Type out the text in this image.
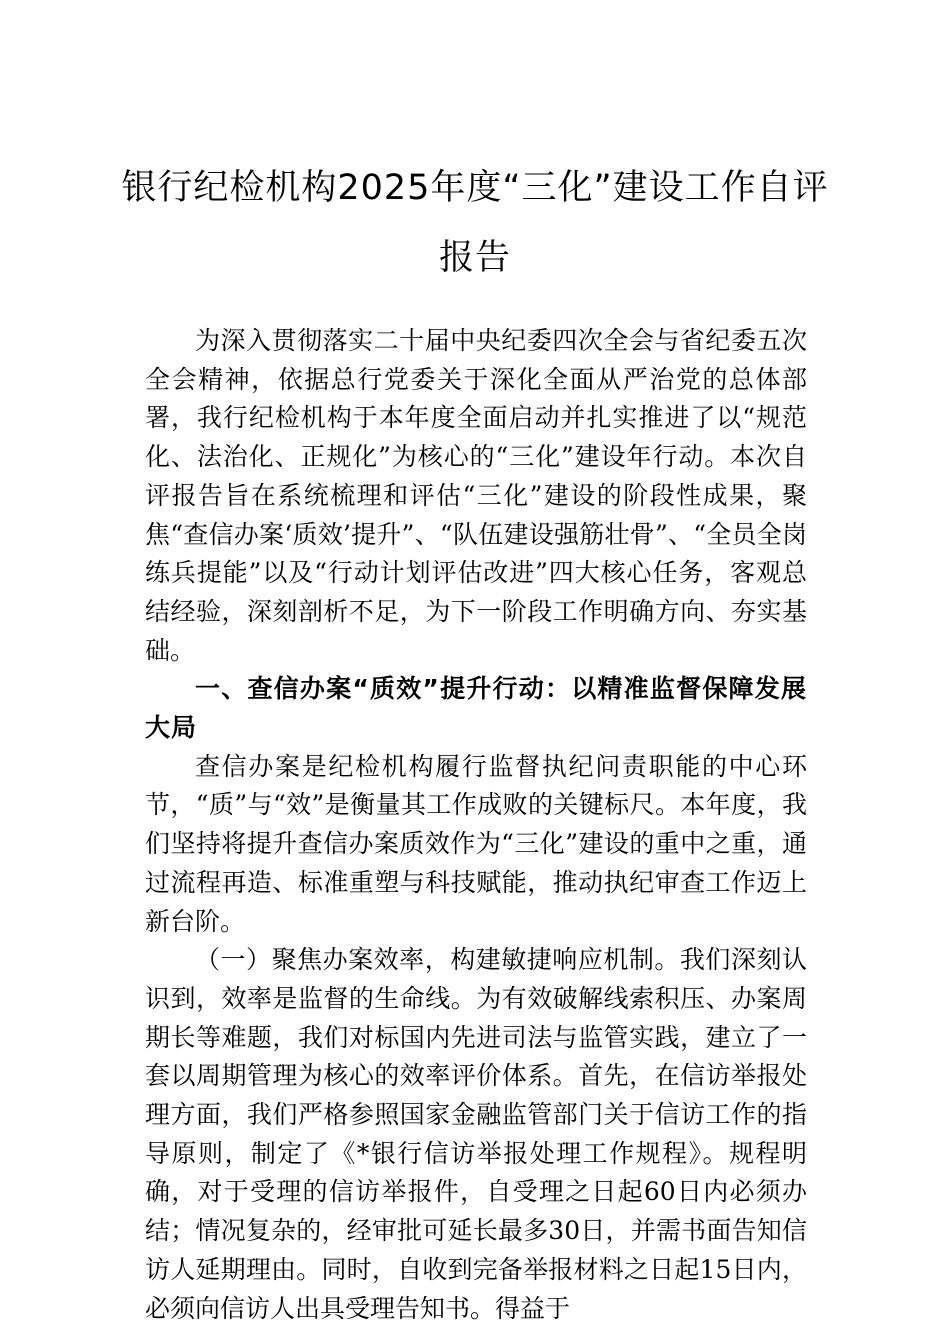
银行纪检机构2025年度“三化”建设工作自评报告

为深入贯彻落实二十届中央纪委四次全会与省纪委五次全会精神，依据总行党委关于深化全面从严治党的总体部署，我行纪检机构于本年度全面启动并扎实推进了以“规范化、法治化、正规化”为核心的“三化”建设年行动。本次自评报告旨在系统梳理和评估“三化”建设的阶段性成果，聚焦“查信办案‘质效’提升”、“队伍建设强筋壮骨”、“全员全岗练兵提能”以及“行动计划评估改进”四大核心任务，客观总结经验，深刻剖析不足，为下一阶段工作明确方向、夯实基础。

一、查信办案“质效”提升行动：以精准监督保障发展大局

查信办案是纪检机构履行监督执纪问责职能的中心环节，“质”与“效”是衡量其工作成败的关键标尺。本年度，我们坚持将提升查信办案质效作为“三化”建设的重中之重，通过流程再造、标准重塑与科技赋能，推动执纪审查工作迈上新台阶。

（一）聚焦办案效率，构建敏捷响应机制。我们深刻认识到，效率是监督的生命线。为有效破解线索积压、办案周期长等难题，我们对标国内先进司法与监管实践，建立了一套以周期管理为核心的效率评价体系。首先，在信访举报处理方面，我们严格参照国家金融监管部门关于信访工作的指导原则，制定了《*银行信访举报处理工作规程》。规程明确，对于受理的信访举报件，自受理之日起60日内必须办结；情况复杂的，经审批可延长最多30日，并需书面告知信访人延期理由。同时，自收到完备举报材料之日起15日内，必须向信访人出具受理告知书。得益于
